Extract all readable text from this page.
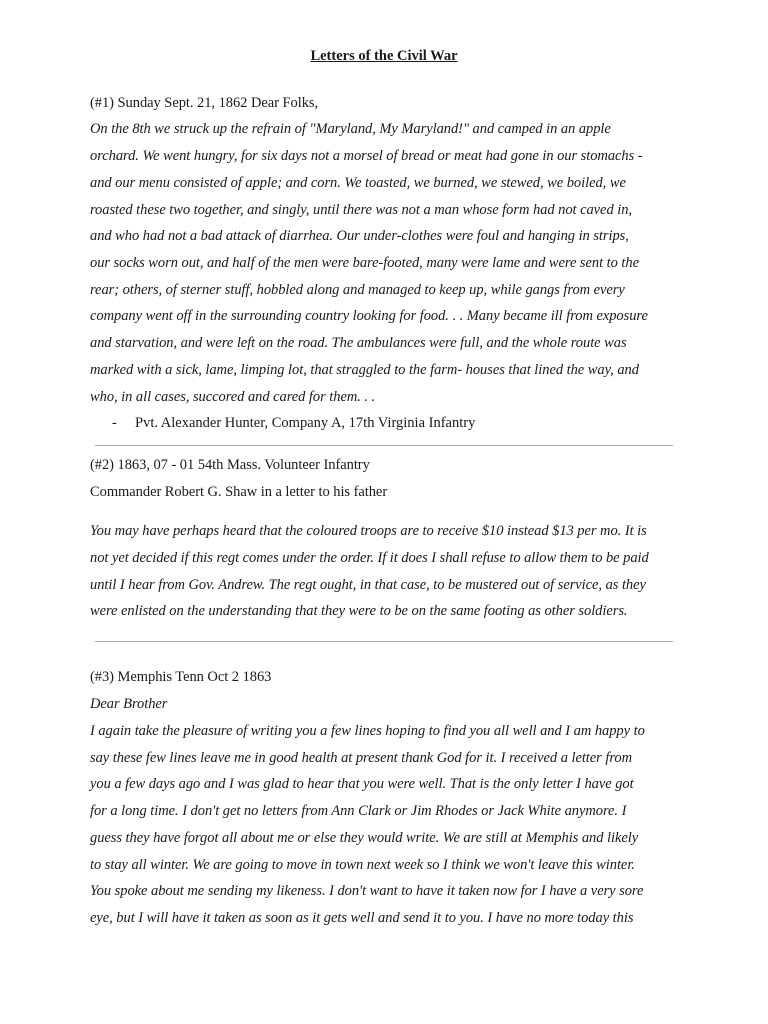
Letters of the Civil War
(#1) Sunday Sept. 21, 1862 Dear Folks,
On the 8th we struck up the refrain of "Maryland, My Maryland!" and camped in an apple
orchard. We went hungry, for six days not a morsel of bread or meat had gone in our stomachs -
and our menu consisted of apple; and corn. We toasted, we burned, we stewed, we boiled, we
roasted these two together, and singly, until there was not a man whose form had not caved in,
and who had not a bad attack of diarrhea. Our under-clothes were foul and hanging in strips,
our socks worn out, and half of the men were bare-footed, many were lame and were sent to the
rear; others, of sterner stuff, hobbled along and managed to keep up, while gangs from every
company went off in the surrounding country looking for food. . . Many became ill from exposure
and starvation, and were left on the road. The ambulances were full, and the whole route was
marked with a sick, lame, limping lot, that straggled to the farm- houses that lined the way, and
who, in all cases, succored and cared for them. . .
- Pvt. Alexander Hunter, Company A, 17th Virginia Infantry
(#2) 1863, 07 - 01 54th Mass. Volunteer Infantry
Commander Robert G. Shaw in a letter to his father
You may have perhaps heard that the coloured troops are to receive $10 instead $13 per mo. It is
not yet decided if this regt comes under the order. If it does I shall refuse to allow them to be paid
until I hear from Gov. Andrew. The regt ought, in that case, to be mustered out of service, as they
were enlisted on the understanding that they were to be on the same footing as other soldiers.
(#3) Memphis Tenn Oct 2 1863
Dear Brother
I again take the pleasure of writing you a few lines hoping to find you all well and I am happy to
say these few lines leave me in good health at present thank God for it. I received a letter from
you a few days ago and I was glad to hear that you were well. That is the only letter I have got
for a long time. I don't get no letters from Ann Clark or Jim Rhodes or Jack White anymore. I
guess they have forgot all about me or else they would write. We are still at Memphis and likely
to stay all winter. We are going to move in town next week so I think we won't leave this winter.
You spoke about me sending my likeness. I don't want to have it taken now for I have a very sore
eye, but I will have it taken as soon as it gets well and send it to you. I have no more today this
